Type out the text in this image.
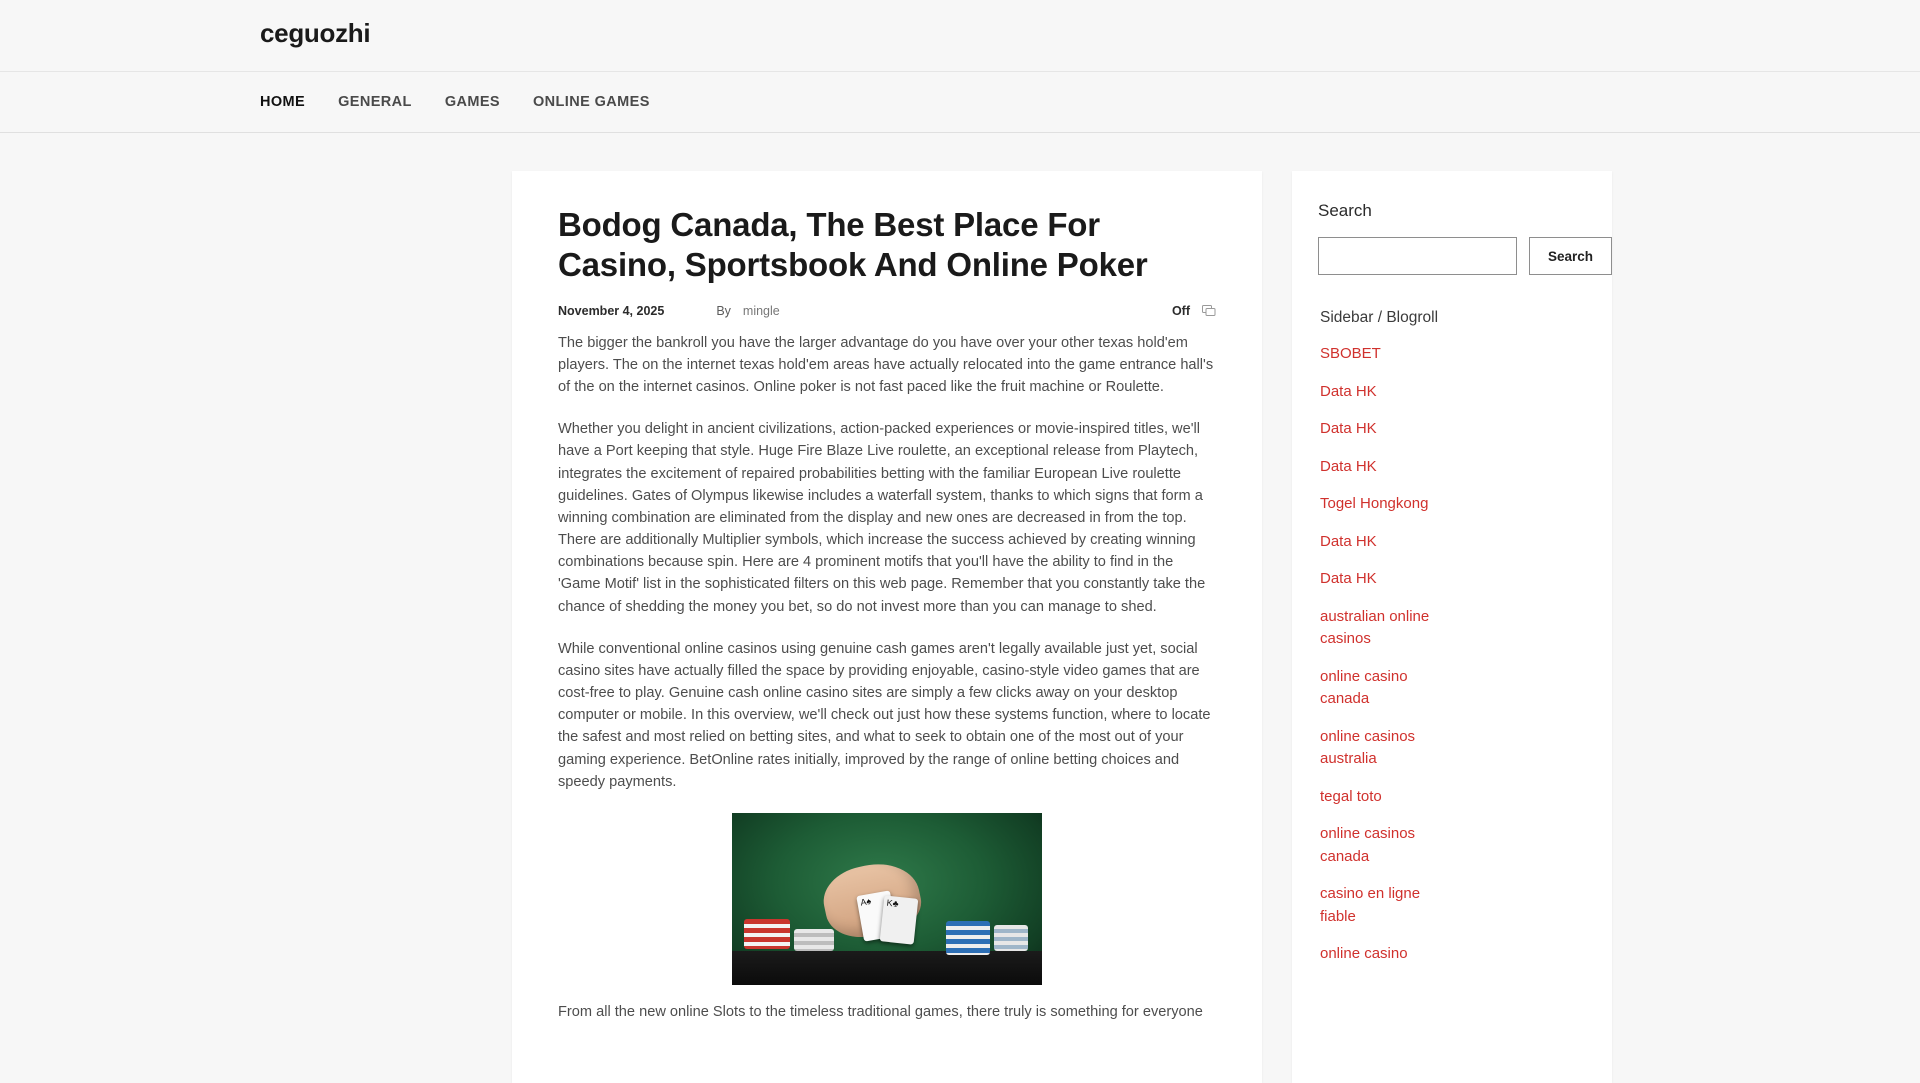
ceguozhi
HOME GENERAL GAMES ONLINE GAMES
Bodog Canada, The Best Place For Casino, Sportsbook And Online Poker
November 4, 2025	By mingle	Off

The bigger the bankroll you have the larger advantage do you have over your other texas hold'em players. The on the internet texas hold'em areas have actually relocated into the game entrance hall's of the on the internet casinos. Online poker is not fast paced like the fruit machine or Roulette.

Whether you delight in ancient civilizations, action-packed experiences or movie-inspired titles, we'll have a Port keeping that style. Huge Fire Blaze Live roulette, an exceptional release from Playtech, integrates the excitement of repaired probabilities betting with the familiar European Live roulette guidelines. Gates of Olympus likewise includes a waterfall system, thanks to which signs that form a winning combination are eliminated from the display and new ones are decreased in from the top. There are additionally Multiplier symbols, which increase the success achieved by creating winning combinations because spin. Here are 4 prominent motifs that you'll have the ability to find in the 'Game Motif' list in the sophisticated filters on this web page. Remember that you constantly take the chance of shedding the money you bet, so do not invest more than you can manage to shed.

While conventional online casinos using genuine cash games aren't legally available just yet, social casino sites have actually filled the space by providing enjoyable, casino-style video games that are cost-free to play. Genuine cash online casino sites are simply a few clicks away on your desktop computer or mobile. In this overview, we'll check out just how these systems function, where to locate the safest and most relied on betting sites, and what to seek to obtain one of the most out of your gaming experience. BetOnline rates initially, improved by the range of online betting choices and speedy payments.

A♠	K♣

From all the new online Slots to the timeless traditional games, there truly is something for everyone

Search
Search
Sidebar / Blogroll
SBOBET
Data HK
Data HK
Data HK
Togel Hongkong
Data HK
Data HK
australian online casinos
online casino canada
online casinos australia
tegal toto
online casinos canada
casino en ligne fiable
online casino
